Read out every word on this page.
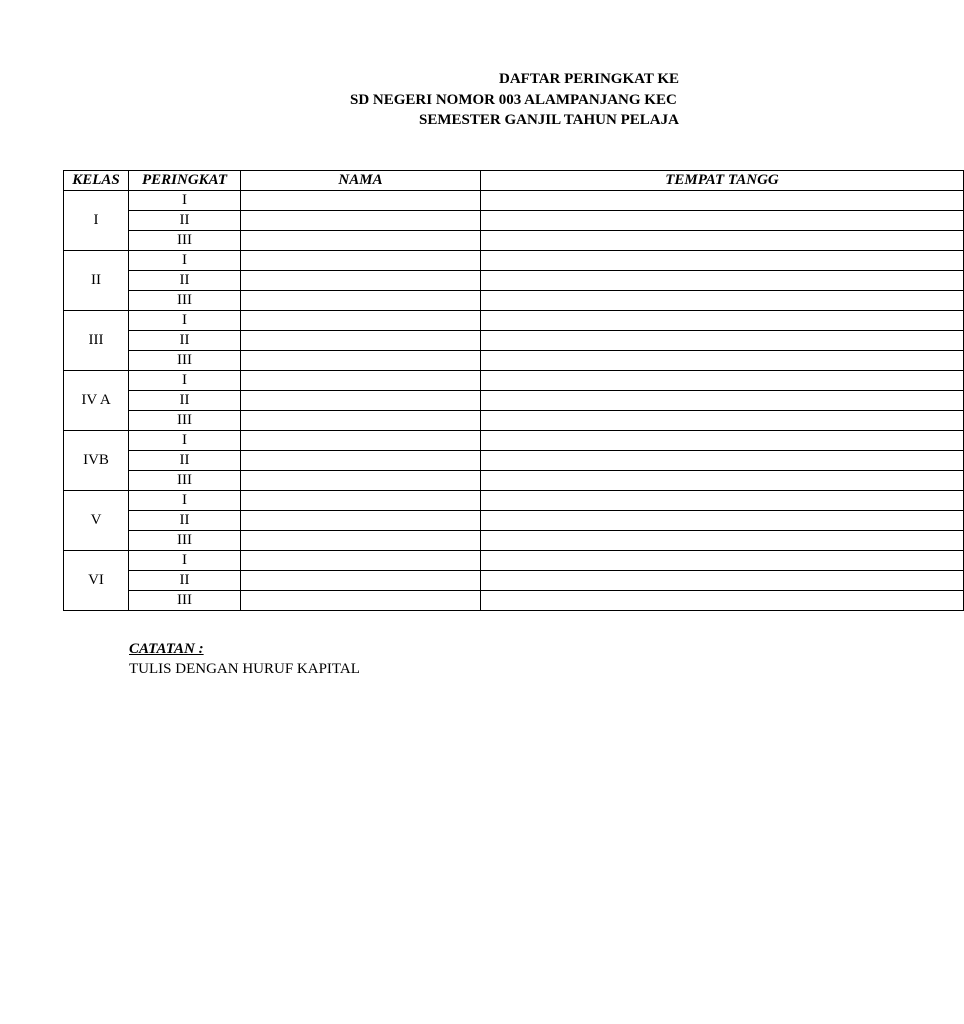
DAFTAR PERINGKAT KE
SD NEGERI NOMOR 003 ALAMPANJANG KEC
SEMESTER GANJIL TAHUN PELAJA
KELAS	PERINGKAT	NAMA	TEMPAT TANGG
I	I		
	II		
	III		
II	I		
	II		
	III		
III	I		
	II		
	III		
IV A	I		
	II		
	III		
IVB	I		
	II		
	III		
V	I		
	II		
	III		
VI	I		
	II		
	III		
CATATAN :
TULIS DENGAN HURUF KAPITAL
